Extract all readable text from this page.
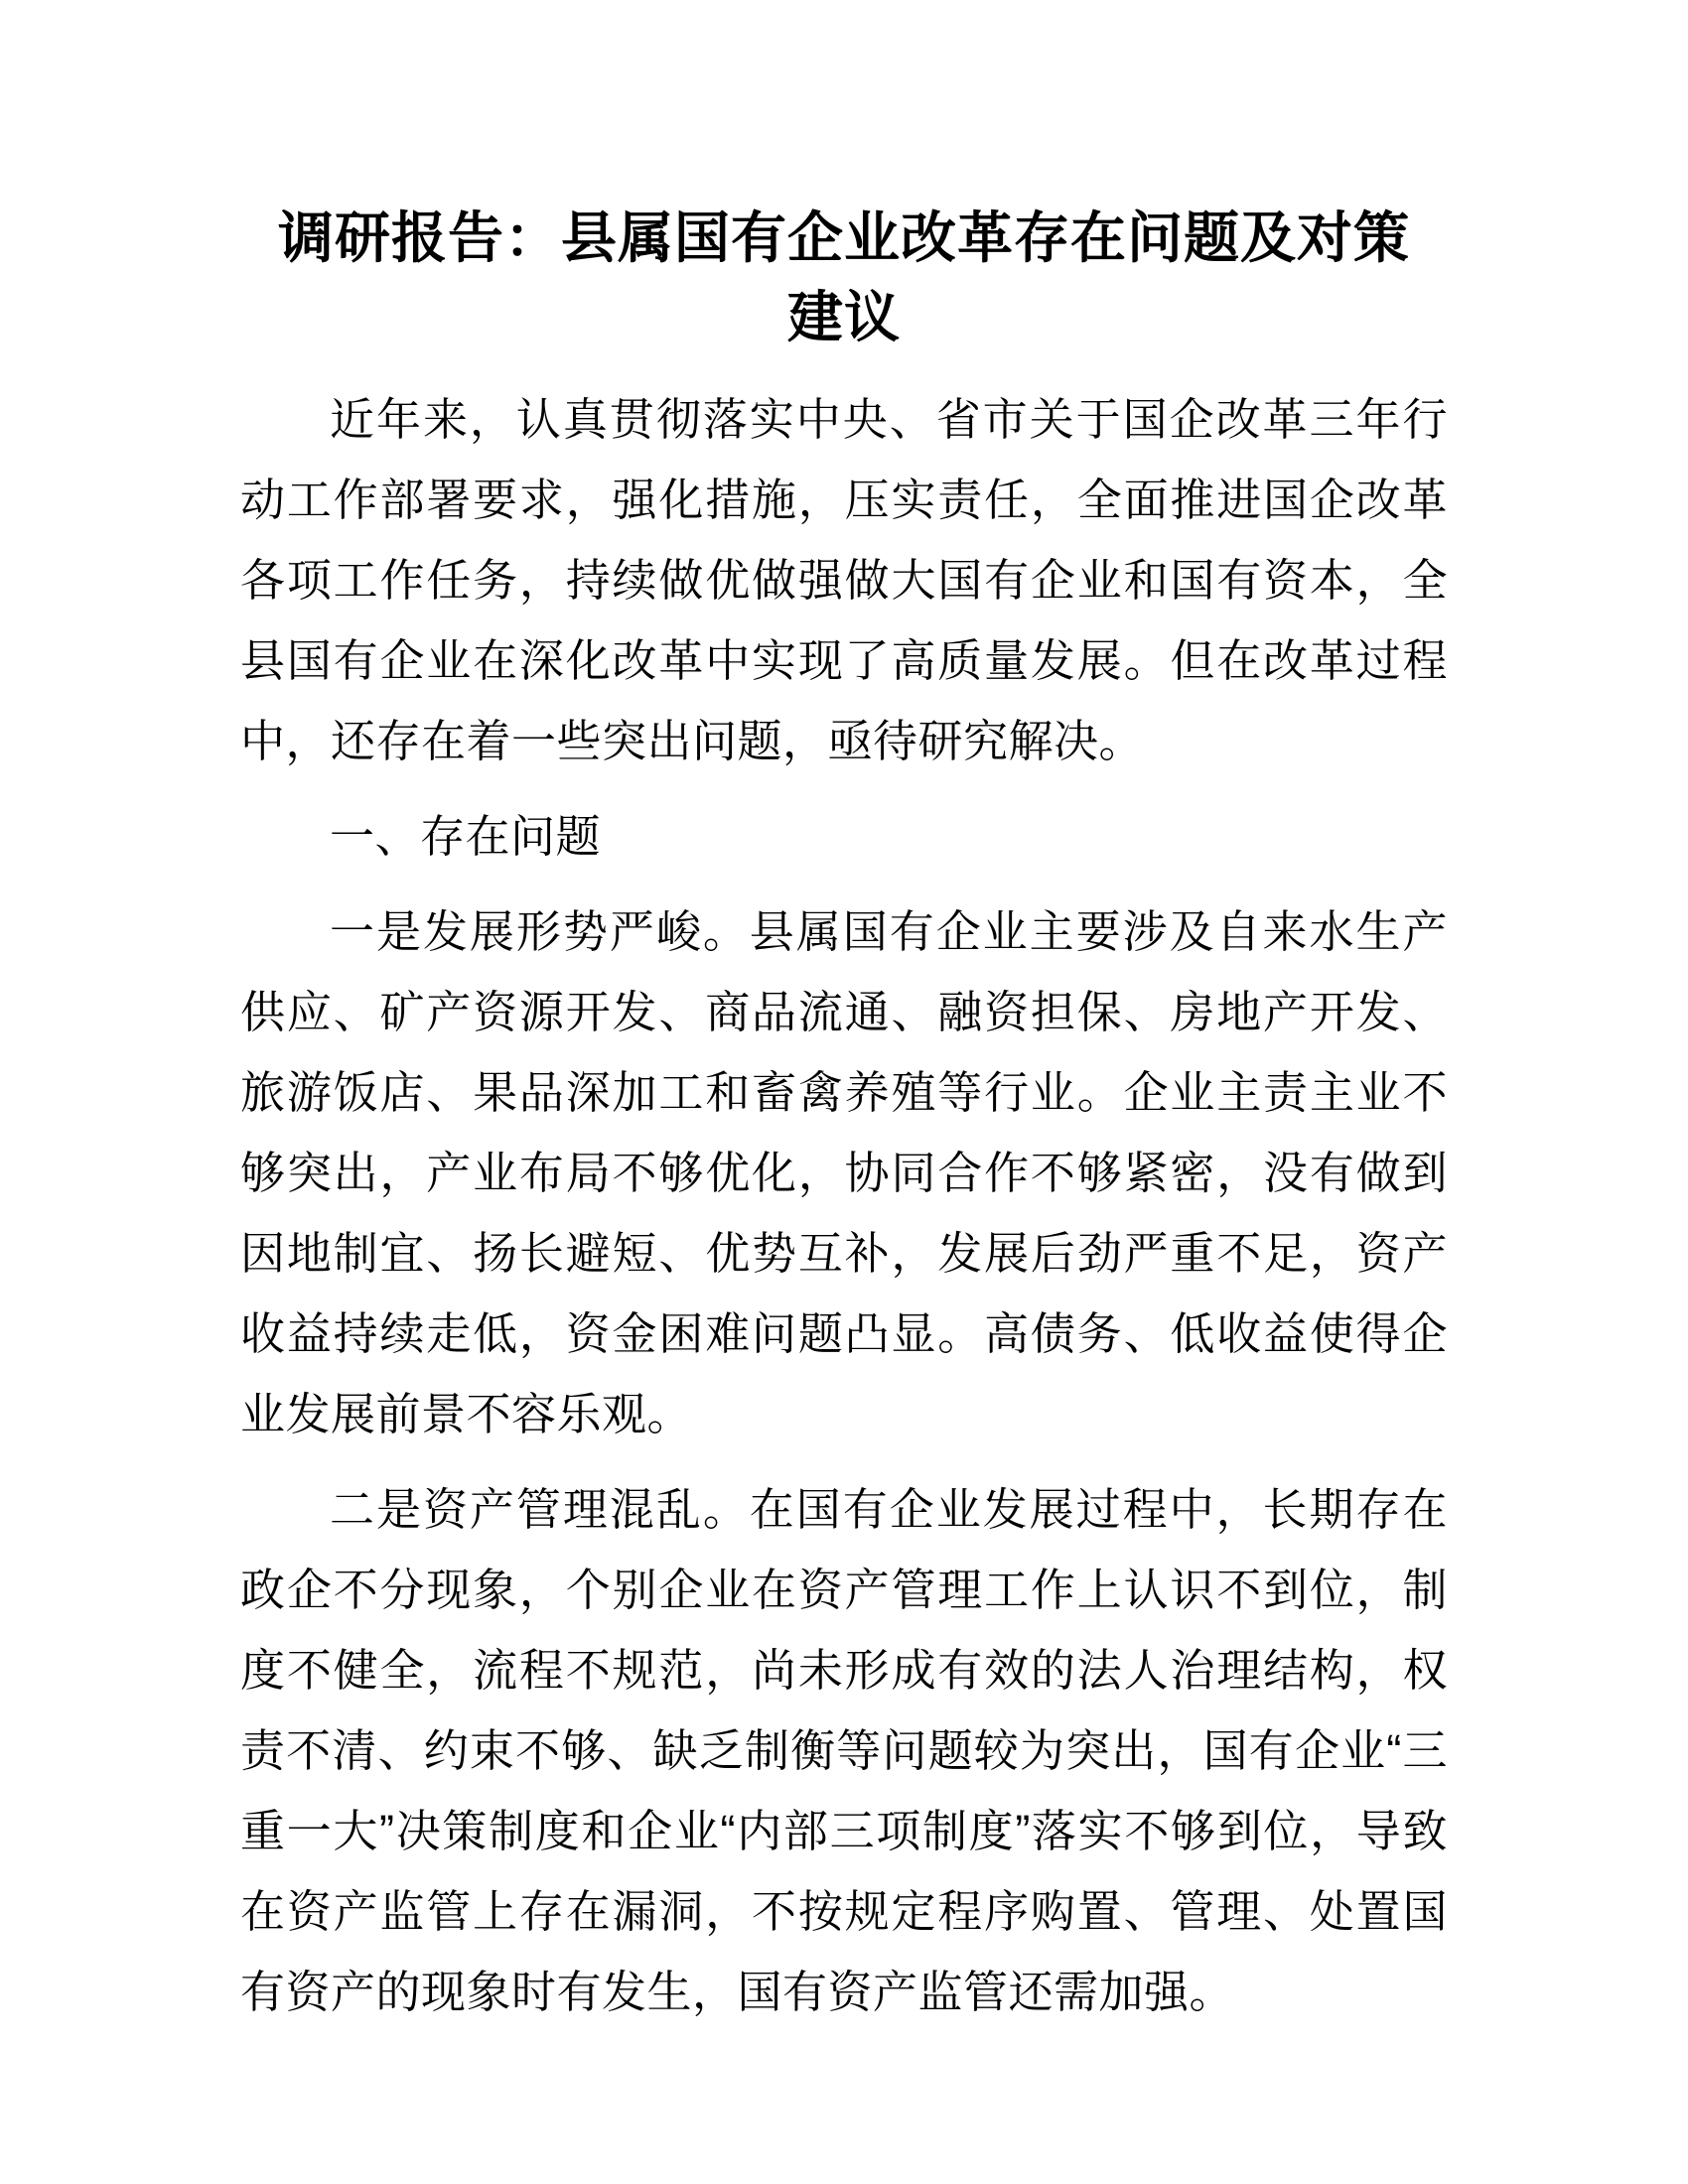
调研报告：县属国有企业改革存在问题及对策
建议

近年来，认真贯彻落实中央、省市关于国企改革三年行动工作部署要求，强化措施，压实责任，全面推进国企改革各项工作任务，持续做优做强做大国有企业和国有资本，全县国有企业在深化改革中实现了高质量发展。但在改革过程中，还存在着一些突出问题，亟待研究解决。

一、存在问题

一是发展形势严峻。县属国有企业主要涉及自来水生产供应、矿产资源开发、商品流通、融资担保、房地产开发、旅游饭店、果品深加工和畜禽养殖等行业。企业主责主业不够突出，产业布局不够优化，协同合作不够紧密，没有做到因地制宜、扬长避短、优势互补，发展后劲严重不足，资产收益持续走低，资金困难问题凸显。高债务、低收益使得企业发展前景不容乐观。

二是资产管理混乱。在国有企业发展过程中，长期存在政企不分现象，个别企业在资产管理工作上认识不到位，制度不健全，流程不规范，尚未形成有效的法人治理结构，权责不清、约束不够、缺乏制衡等问题较为突出，国有企业“三重一大”决策制度和企业“内部三项制度”落实不够到位，导致在资产监管上存在漏洞，不按规定程序购置、管理、处置国有资产的现象时有发生，国有资产监管还需加强。
